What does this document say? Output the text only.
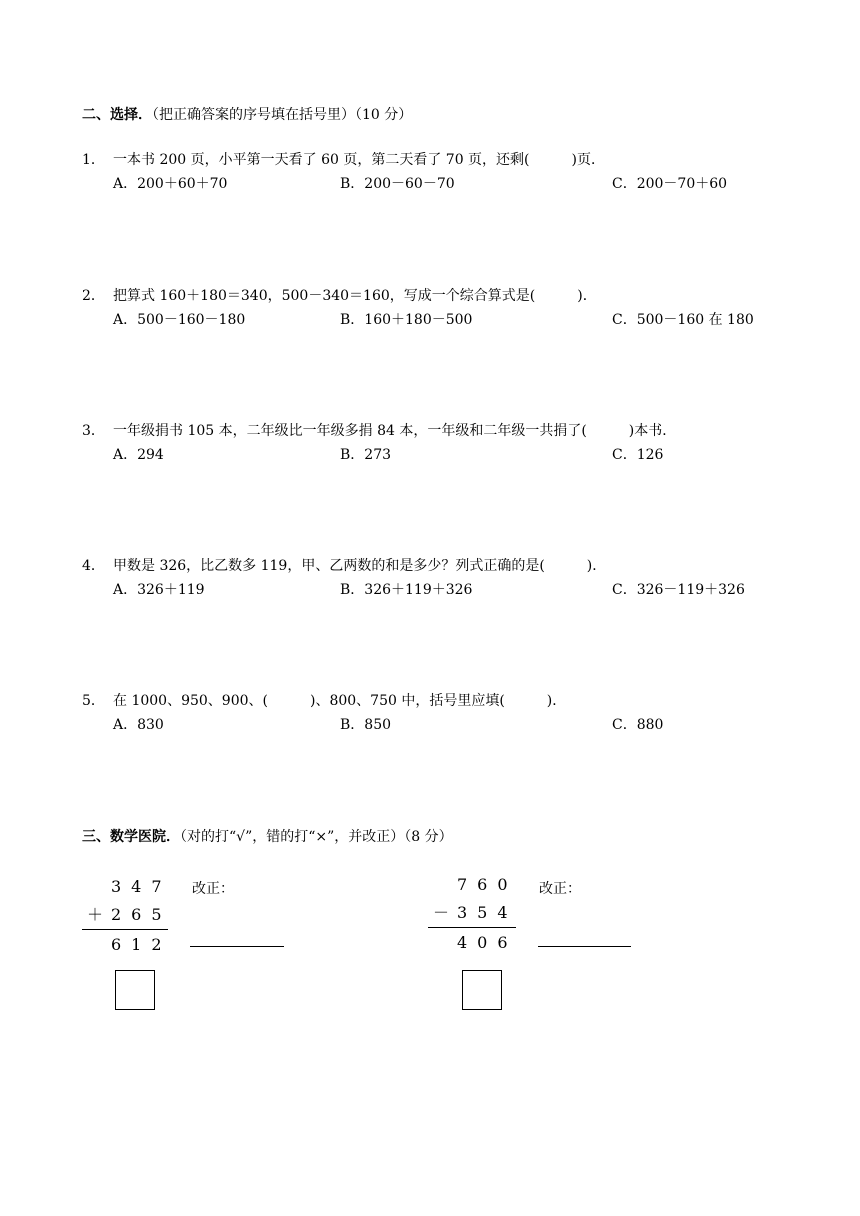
二、选择．（把正确答案的序号填在括号里）（10 分）
1． 一本书 200 页，小平第一天看了 60 页，第二天看了 70 页，还剩(　　　)页．
A．200＋60＋70	B．200－60－70	C．200－70＋60
2． 把算式 160＋180＝340，500－340＝160，写成一个综合算式是(　　　)．
A．500－160－180	B．160＋180－500	C．500－160 在 180
3． 一年级捐书 105 本，二年级比一年级多捐 84 本，一年级和二年级一共捐了(　　　)本书．
A．294	B．273	C．126
4． 甲数是 326，比乙数多 119，甲、乙两数的和是多少？列式正确的是(　　　)．
A．326＋119	B．326＋119＋326	C．326－119＋326
5． 在 1000、950、900、(　　　)、800、750 中，括号里应填(　　　)．
A．830	B．850	C．880
三、数学医院．（对的打“√”，错的打“×”，并改正）（8 分）
347
＋ 265
612
改正：	760
－ 354
406
改正：
